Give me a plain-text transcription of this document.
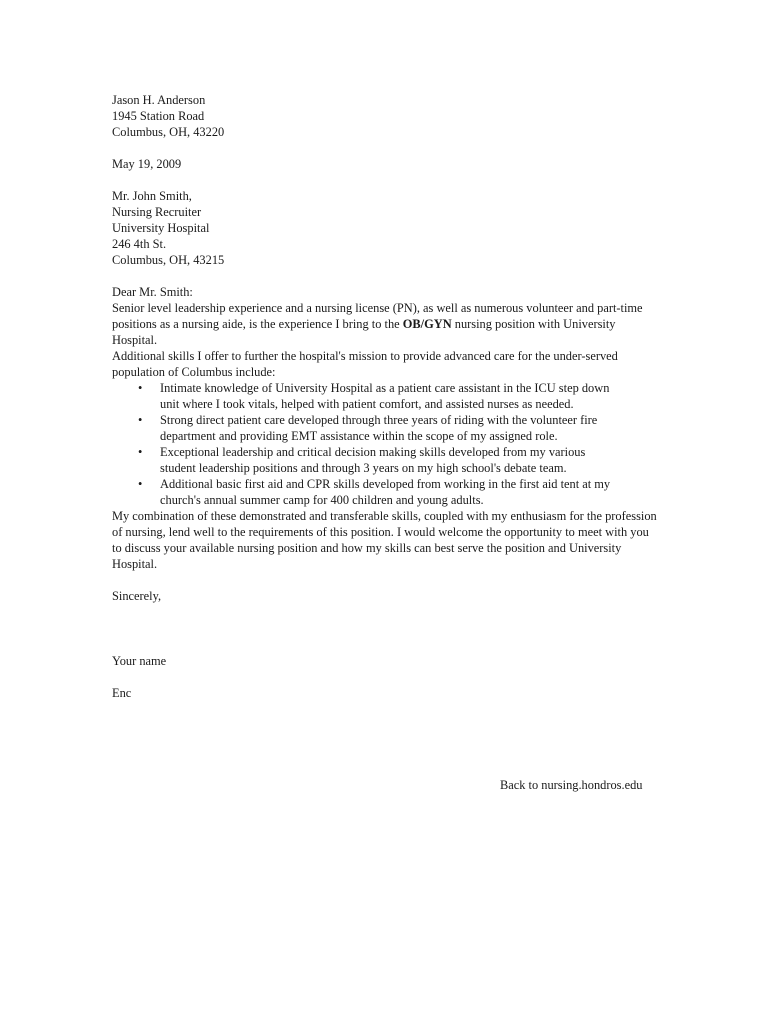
Jason H. Anderson
1945 Station Road
Columbus, OH, 43220
May 19, 2009
Mr. John Smith,
Nursing Recruiter
University Hospital
246 4th St.
Columbus, OH, 43215
Dear Mr. Smith:

Senior level leadership experience and a nursing license (PN), as well as numerous volunteer and part-time positions as a nursing aide, is the experience I bring to the OB/GYN nursing position with University Hospital.

Additional skills I offer to further the hospital's mission to provide advanced care for the under-served population of Columbus include:

• Intimate knowledge of University Hospital as a patient care assistant in the ICU step down
unit where I took vitals, helped with patient comfort, and assisted nurses as needed.
• Strong direct patient care developed through three years of riding with the volunteer fire
department and providing EMT assistance within the scope of my assigned role.
• Exceptional leadership and critical decision making skills developed from my various
student leadership positions and through 3 years on my high school's debate team.
• Additional basic first aid and CPR skills developed from working in the first aid tent at my
church's annual summer camp for 400 children and young adults.

My combination of these demonstrated and transferable skills, coupled with my enthusiasm for the profession of nursing, lend well to the requirements of this position. I would welcome the opportunity to meet with you to discuss your available nursing position and how my skills can best serve the position and University Hospital.

Sincerely,
Your name
Enc
Back to nursing.hondros.edu
